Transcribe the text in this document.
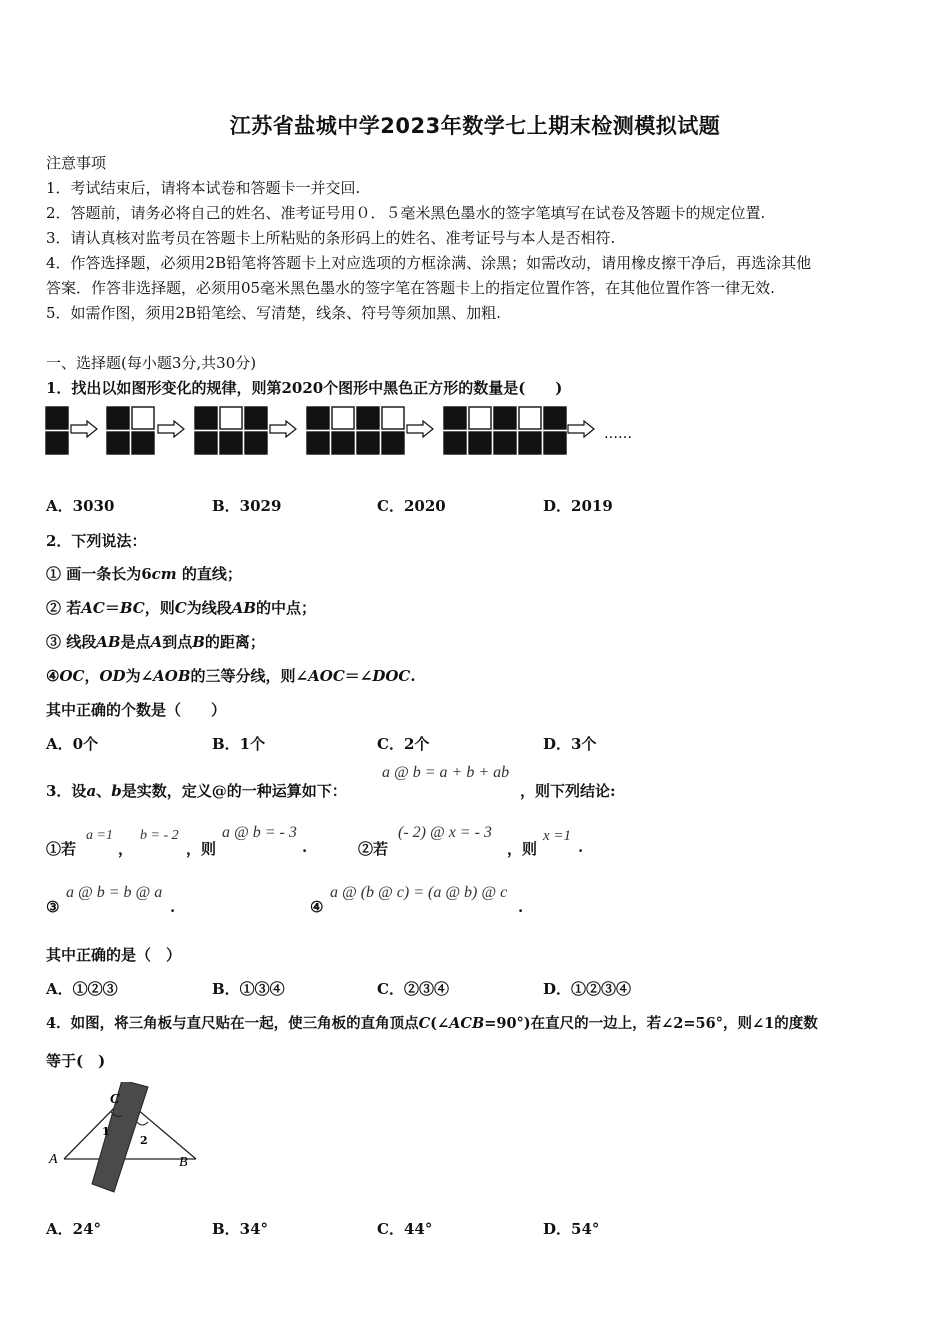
江苏省盐城中学2023年数学七上期末检测模拟试题
注意事项
1．考试结束后，请将本试卷和答题卡一并交回.
2．答题前，请务必将自己的姓名、准考证号用０．５毫米黑色墨水的签字笔填写在试卷及答题卡的规定位置.
3．请认真核对监考员在答题卡上所粘贴的条形码上的姓名、准考证号与本人是否相符.
4．作答选择题，必须用2B铅笔将答题卡上对应选项的方框涂满、涂黑；如需改动，请用橡皮擦干净后，再选涂其他
答案．作答非选择题，必须用05毫米黑色墨水的签字笔在答题卡上的指定位置作答，在其他位置作答一律无效.
5．如需作图，须用2B铅笔绘、写清楚，线条、符号等须加黑、加粗.
一、选择题(每小题3分,共30分)
1．找出以如图形变化的规律，则第2020个图形中黑色正方形的数量是(　　)
……
A．3030	B．3029	C．2020	D．2019
2．下列说法：
① 画一条长为6cm 的直线；
② 若AC＝BC，则C为线段AB的中点；
③ 线段AB是点A到点B的距离；
④OC，OD为∠AOB的三等分线，则∠AOC＝∠DOC.
其中正确的个数是（　　）
A．0个	B．1个	C．2个	D．3个
3．设a、b是实数，定义@的一种运算如下：
a @ b = a + b + ab
，则下列结论:
①若
a =1
，
b = - 2
，则
a @ b = - 3
.	②若
(- 2) @ x = - 3
，则
x =1
.
③
a @ b = b @ a
.	④
a @ (b @ c) = (a @ b) @ c
.
其中正确的是（　）
A．①②③	B．①③④	C．②③④	D．①②③④
4．如图，将三角板与直尺贴在一起，使三角板的直角顶点C(∠ACB=90°)在直尺的一边上，若∠2=56°，则∠1的度数
等于(　)
C
A	B
1
2
A．24°	B．34°	C．44°	D．54°
